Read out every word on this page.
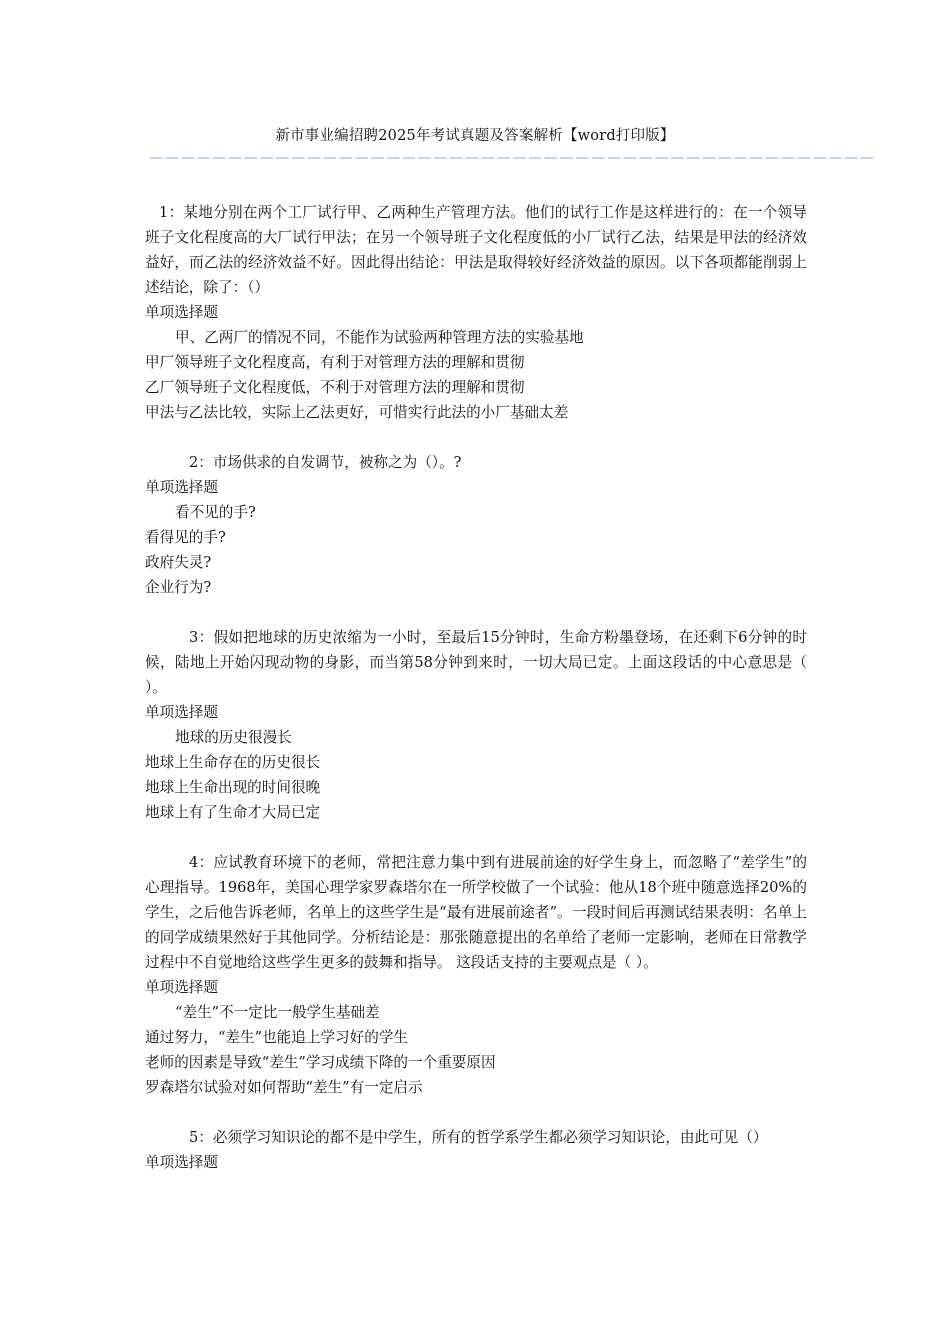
新市事业编招聘2025年考试真题及答案解析【word打印版】
——————————————————————————————————————————————

1：某地分别在两个工厂试行甲、乙两种生产管理方法。他们的试行工作是这样进行的：在一个领导班子文化程度高的大厂试行甲法；在另一个领导班子文化程度低的小厂试行乙法，结果是甲法的经济效益好，而乙法的经济效益不好。因此得出结论：甲法是取得较好经济效益的原因。以下各项都能削弱上述结论，除了：（）

单项选择题

甲、乙两厂的情况不同，不能作为试验两种管理方法的实验基地
甲厂领导班子文化程度高，有利于对管理方法的理解和贯彻
乙厂领导班子文化程度低，不利于对管理方法的理解和贯彻
甲法与乙法比较，实际上乙法更好，可惜实行此法的小厂基础太差

2：市场供求的自发调节，被称之为（）。?

单项选择题

看不见的手?
看得见的手?
政府失灵?
企业行为?

3：假如把地球的历史浓缩为一小时，至最后15分钟时，生命方粉墨登场，在还剩下6分钟的时候，陆地上开始闪现动物的身影，而当第58分钟到来时，一切大局已定。上面这段话的中心意思是（ ）。

单项选择题

地球的历史很漫长
地球上生命存在的历史很长
地球上生命出现的时间很晚
地球上有了生命才大局已定

4：应试教育环境下的老师，常把注意力集中到有进展前途的好学生身上，而忽略了“差学生”的心理指导。1968年，美国心理学家罗森塔尔在一所学校做了一个试验：他从18个班中随意选择20%的学生，之后他告诉老师，名单上的这些学生是“最有进展前途者”。一段时间后再测试结果表明：名单上的同学成绩果然好于其他同学。分析结论是：那张随意提出的名单给了老师一定影响，老师在日常教学过程中不自觉地给这些学生更多的鼓舞和指导。 这段话支持的主要观点是（ ）。

单项选择题

“差生”不一定比一般学生基础差
通过努力，“差生”也能追上学习好的学生
老师的因素是导致“差生”学习成绩下降的一个重要原因
罗森塔尔试验对如何帮助“差生”有一定启示

5：必须学习知识论的都不是中学生，所有的哲学系学生都必须学习知识论，由此可见（）

单项选择题
